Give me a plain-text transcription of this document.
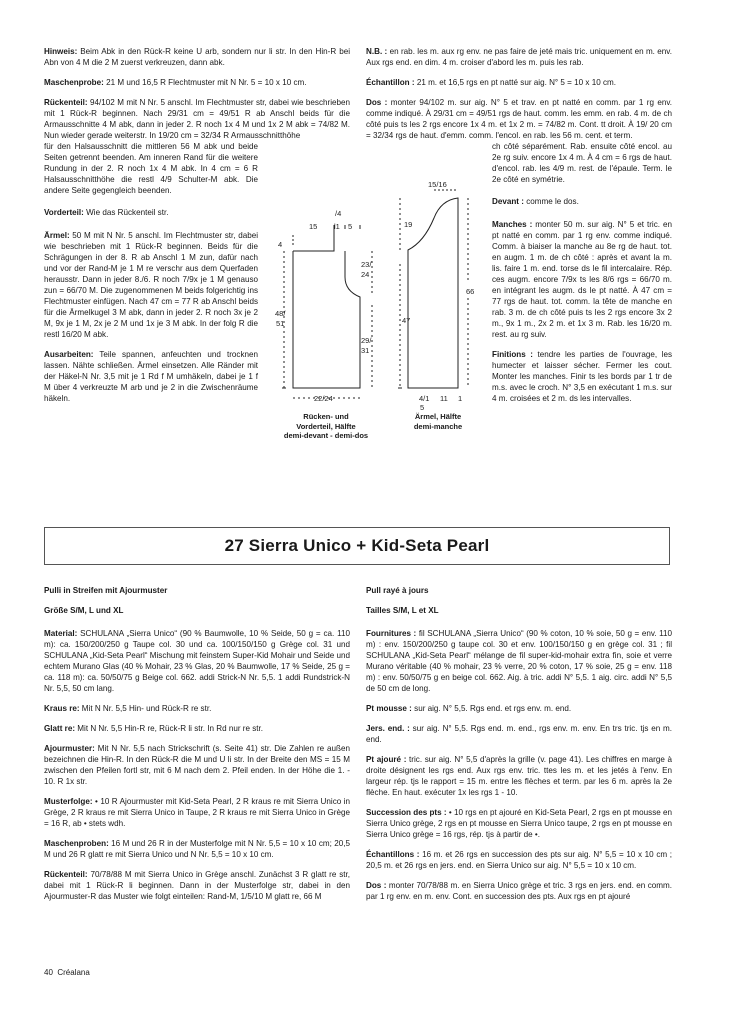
Hinweis: Beim Abk in den Rück-R keine U arb, sondern nur li str. In den Hin-R bei Abn von 4 M die 2 M zuerst verkreuzen, dann abk.

Maschenprobe: 21 M und 16,5 R Flechtmuster mit N Nr. 5 = 10 x 10 cm.

Rückenteil: 94/102 M mit N Nr. 5 anschl. Im Flechtmuster str, dabei wie beschrieben mit 1 Rück-R beginnen. Nach 29/31 cm = 49/51 R ab Anschl beids für die Armausschnitte 4 M abk, dann in jeder 2. R noch 1x 4 M und 1x 2 M abk = 74/82 M. Nun wieder gerade weiterstr. In 19/20 cm = 32/34 R Armausschnitthöhe
für den Halsausschnitt die mittleren 56 M abk und beide Seiten getrennt beenden. Am inneren Rand für die weitere Rundung in der 2. R noch 1x 4 M abk. In 4 cm = 6 R Halsausschnitthöhe die restl 4/9 Schulter-M abk. Die andere Seite gegengleich beenden.

Vorderteil: Wie das Rückenteil str.

Ärmel: 50 M mit N Nr. 5 anschl. Im Flechtmuster str, dabei wie beschrieben mit 1 Rück-R beginnen. Beids für die Schrägungen in der 8. R ab Anschl 1 M zun, dafür nach und vor der Rand-M je 1 M re verschr aus dem Querfaden herausstr. Dann in jeder 8./6. R noch 7/9x je 1 M genauso zun = 66/70 M. Die zugenommenen M beids folgerichtig ins Flechtmuster einfügen. Nach 47 cm = 77 R ab Anschl beids für die Ärmelkugel 3 M abk, dann in jeder 2. R noch 3x je 2 M, 9x je 1 M, 2x je 2 M und 1x je 3 M abk. In der folg R die restl 16/20 M abk.

Ausarbeiten: Teile spannen, anfeuchten und trocknen lassen. Nähte schließen. Ärmel einsetzen. Alle Ränder mit der Häkel-N Nr. 3,5 mit je 1 Rd f M umhäkeln, dabei je 1 f M über 4 verkreuzte M arb und je 2 in die Zwischenräume häkeln.

N.B. : en rab. les m. aux rg env. ne pas faire de jeté mais tric. uniquement en m. env. Aux rgs end. en dim. 4 m. croiser d'abord les m. puis les rab.

Échantillon : 21 m. et 16,5 rgs en pt natté sur aig. N° 5 = 10 x 10 cm.

Dos : monter 94/102 m. sur aig. N° 5 et trav. en pt natté en comm. par 1 rg env. comme indiqué. À 29/31 cm = 49/51 rgs de haut. comm. les emm. en rab. 4 m. de ch côté puis ts les 2 rgs encore 1x 4 m. et 1x 2 m. = 74/82 m. Cont. tt droit. À 19/ 20 cm = 32/34 rgs de haut. d'emm. comm. l'encol. en rab. les 56 m. cent. et term.
ch côté séparément. Rab. ensuite côté encol. au 2e rg suiv. encore 1x 4 m. À 4 cm = 6 rgs de haut. d'encol. rab. les 4/9 m. rest. de l'épaule. Term. le 2e côté en symétrie.

Devant : comme le dos.

Manches : monter 50 m. sur aig. N° 5 et tric. en pt natté en comm. par 1 rg env. comme indiqué. Comm. à biaiser la manche au 8e rg de haut. tot. en augm. 1 m. de ch côté : après et avant la m. lis. faire 1 m. end. torse ds le fil intercalaire. Rép. ces augm. encore 7/9x ts les 8/6 rgs = 66/70 m. en intégrant les augm. ds le pt natté. À 47 cm = 77 rgs de haut. tot. comm. la tête de manche en rab. 3 m. de ch côté puis ts les 2 rgs encore 3x 2 m., 9x 1 m., 2x 2 m. et 1x 3 m. Rab. les 16/20 m. rest. au rg suiv.

Finitions : tendre les parties de l'ouvrage, les humecter et laisser sécher. Fermer les cout. Monter les manches. Finir ts les bords par 1 tr de m.s. avec le croch. N° 3,5 en exécutant 1 m.s. sur 4 m. croisées et 2 m. ds les intervalles.

15
/4
l1 5
4
23/
24
48/
51
29/
31
22/24
Rücken- und
Vorderteil, Hälfte
demi-devant - demi-dos
15/16
19
66
47
4/1 11 1
5
Ärmel, Hälfte
demi-manche
27 Sierra Unico + Kid-Seta Pearl

Pulli in Streifen mit Ajourmuster

Größe S/M, L und XL

Material: SCHULANA „Sierra Unico“ (90 % Baumwolle, 10 % Seide, 50 g = ca. 110 m): ca. 150/200/250 g Taupe col. 30 und ca. 100/150/150 g Grège col. 31 und SCHULANA „Kid-Seta Pearl“ Mischung mit feinstem Super-Kid Mohair und Seide und echtem Murano Glas (40 % Mohair, 23 % Glas, 20 % Baumwolle, 17 % Seide, 25 g = ca. 118 m): ca. 50/50/75 g Beige col. 662. addi Strick-N Nr. 5,5. 1 addi Rundstrick-N Nr. 5,5, 50 cm lang.

Kraus re: Mit N Nr. 5,5 Hin- und Rück-R re str.

Glatt re: Mit N Nr. 5,5 Hin-R re, Rück-R li str. In Rd nur re str.

Ajourmuster: Mit N Nr. 5,5 nach Strickschrift (s. Seite 41) str. Die Zahlen re außen bezeichnen die Hin-R. In den Rück-R die M und U li str. In der Breite den MS = 15 M zwischen den Pfeilen fortl str, mit 6 M nach dem 2. Pfeil enden. In der Höhe die 1. - 10. R 1x str.

Musterfolge: • 10 R Ajourmuster mit Kid-Seta Pearl, 2 R kraus re mit Sierra Unico in Grège, 2 R kraus re mit Sierra Unico in Taupe, 2 R kraus re mit Sierra Unico in Grège = 16 R, ab • stets wdh.

Maschenproben: 16 M und 26 R in der Musterfolge mit N Nr. 5,5 = 10 x 10 cm; 20,5 M und 26 R glatt re mit Sierra Unico und N Nr. 5,5 = 10 x 10 cm.

Rückenteil: 70/78/88 M mit Sierra Unico in Grège anschl. Zunächst 3 R glatt re str, dabei mit 1 Rück-R li beginnen. Dann in der Musterfolge str, dabei in den Ajourmuster-R das Muster wie folgt einteilen: Rand-M, 1/5/10 M glatt re, 66 M

Pull rayé à jours

Tailles S/M, L et XL

Fournitures : fil SCHULANA „Sierra Unico“ (90 % coton, 10 % soie, 50 g = env. 110 m) : env. 150/200/250 g taupe col. 30 et env. 100/150/150 g en grège col. 31 ; fil SCHULANA „Kid-Seta Pearl“ mélange de fil super-kid-mohair extra fin, soie et verre Murano véritable (40 % mohair, 23 % verre, 20 % coton, 17 % soie, 25 g = env. 118 m) : env. 50/50/75 g en beige col. 662. Aig. à tric. addi N° 5,5. 1 aig. circ. addi N° 5,5 de 50 cm de long.

Pt mousse : sur aig. N° 5,5. Rgs end. et rgs env. m. end.

Jers. end. : sur aig. N° 5,5. Rgs end. m. end., rgs env. m. env. En trs tric. tjs en m. end.

Pt ajouré : tric. sur aig. N° 5,5 d'après la grille (v. page 41). Les chiffres en marge à droite désignent les rgs end. Aux rgs env. tric. ttes les m. et les jetés à l'env. En largeur rép. tjs le rapport = 15 m. entre les flèches et term. par les 6 m. après la 2e flèche. En haut. exécuter 1x les rgs 1 - 10.

Succession des pts : • 10 rgs en pt ajouré en Kid-Seta Pearl, 2 rgs en pt mousse en Sierra Unico grège, 2 rgs en pt mousse en Sierra Unico taupe, 2 rgs en pt mousse en Sierra Unico grège = 16 rgs, rép. tjs à partir de •.

Échantillons : 16 m. et 26 rgs en succession des pts sur aig. N° 5,5 = 10 x 10 cm ; 20,5 m. et 26 rgs en jers. end. en Sierra Unico sur aig. N° 5,5 = 10 x 10 cm.

Dos : monter 70/78/88 m. en Sierra Unico grège et tric. 3 rgs en jers. end. en comm. par 1 rg env. en m. env. Cont. en succession des pts. Aux rgs en pt ajouré

40 Créalana
